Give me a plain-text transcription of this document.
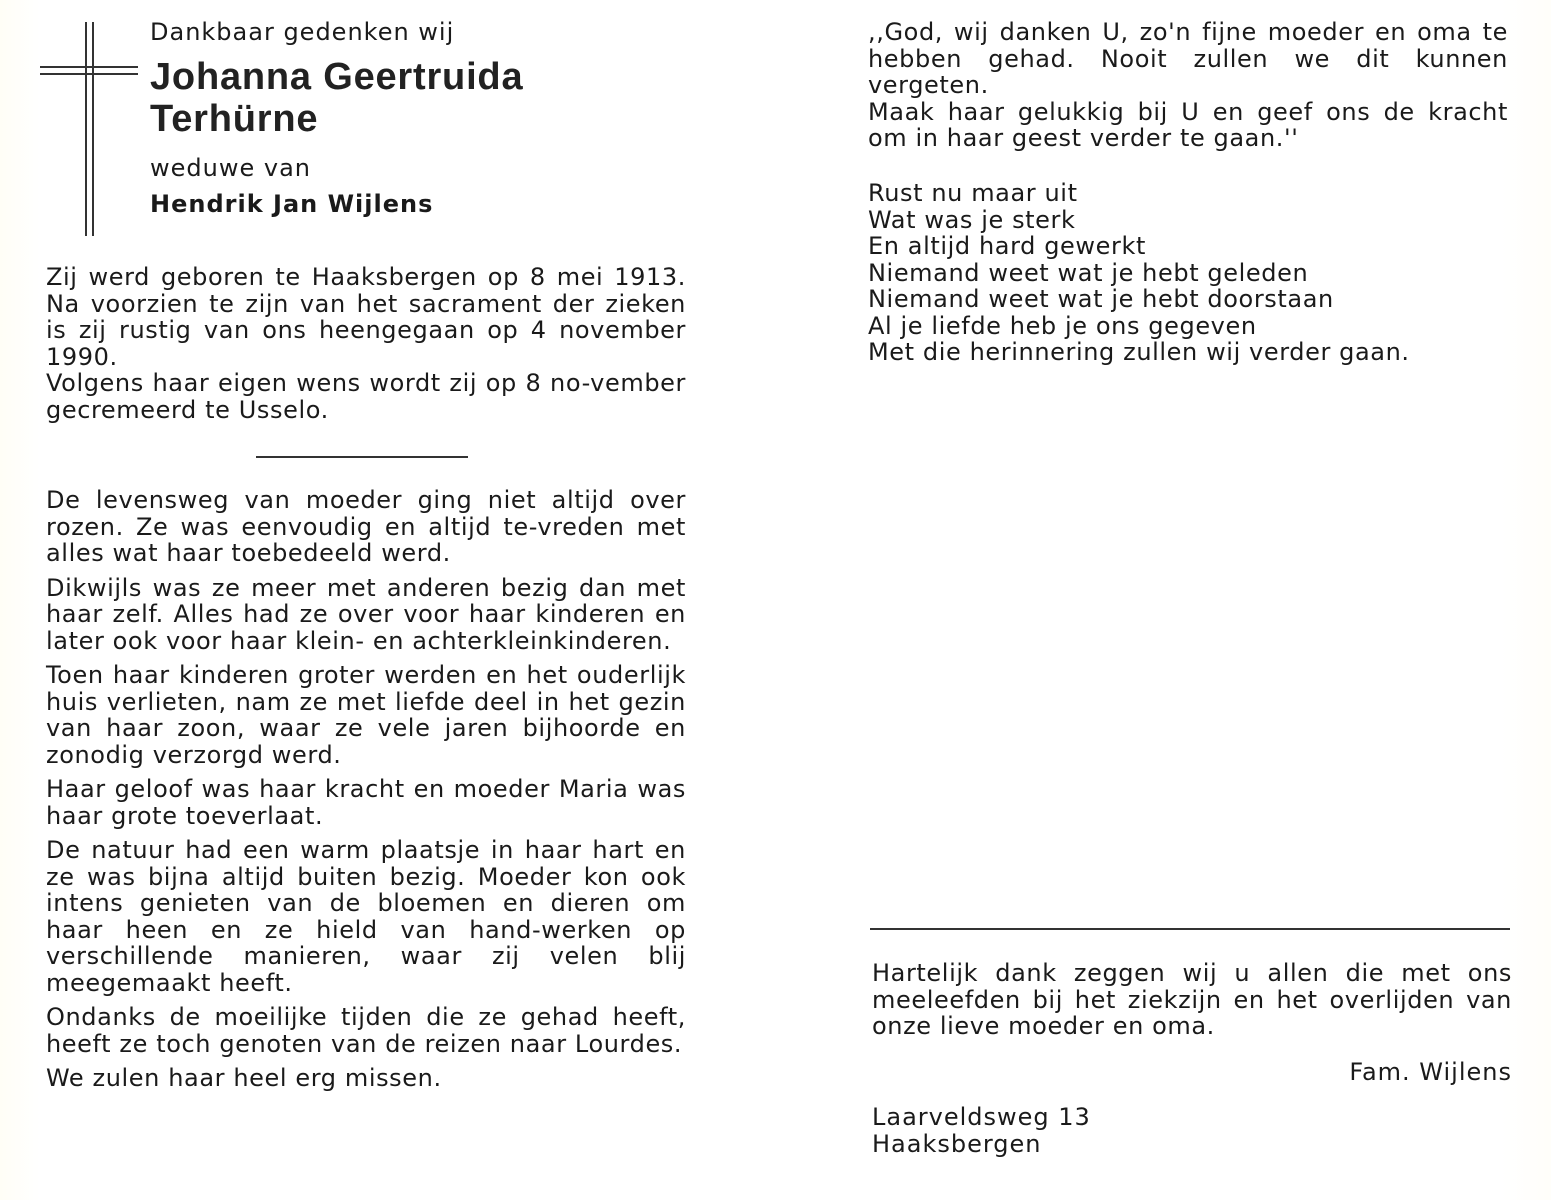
Dankbaar gedenken wij
Johanna Geertruida
Terhürne
weduwe van
Hendrik Jan Wijlens

Zij werd geboren te Haaksbergen op 8 mei 1913. Na voorzien te zijn van het sacrament der zieken is zij rustig van ons heengegaan op 4 november 1990.

Volgens haar eigen wens wordt zij op 8 no-vember gecremeerd te Usselo.

De levensweg van moeder ging niet altijd over rozen. Ze was eenvoudig en altijd te-vreden met alles wat haar toebedeeld werd.

Dikwijls was ze meer met anderen bezig dan met haar zelf. Alles had ze over voor haar kinderen en later ook voor haar klein- en achterkleinkinderen.

Toen haar kinderen groter werden en het ouderlijk huis verlieten, nam ze met liefde deel in het gezin van haar zoon, waar ze vele jaren bijhoorde en zonodig verzorgd werd.

Haar geloof was haar kracht en moeder Maria was haar grote toeverlaat.

De natuur had een warm plaatsje in haar hart en ze was bijna altijd buiten bezig. Moeder kon ook intens genieten van de bloemen en dieren om haar heen en ze hield van hand-werken op verschillende manieren, waar zij velen blij meegemaakt heeft.

Ondanks de moeilijke tijden die ze gehad heeft, heeft ze toch genoten van de reizen naar Lourdes.

We zulen haar heel erg missen.

,,God, wij danken U, zo'n fijne moeder en oma te hebben gehad. Nooit zullen we dit kunnen vergeten.

Maak haar gelukkig bij U en geef ons de kracht om in haar geest verder te gaan.''

Rust nu maar uit
Wat was je sterk
En altijd hard gewerkt
Niemand weet wat je hebt geleden
Niemand weet wat je hebt doorstaan
Al je liefde heb je ons gegeven
Met die herinnering zullen wij verder gaan.

Hartelijk dank zeggen wij u allen die met ons meeleefden bij het ziekzijn en het overlijden van onze lieve moeder en oma.

Fam. Wijlens
Laarveldsweg 13
Haaksbergen
